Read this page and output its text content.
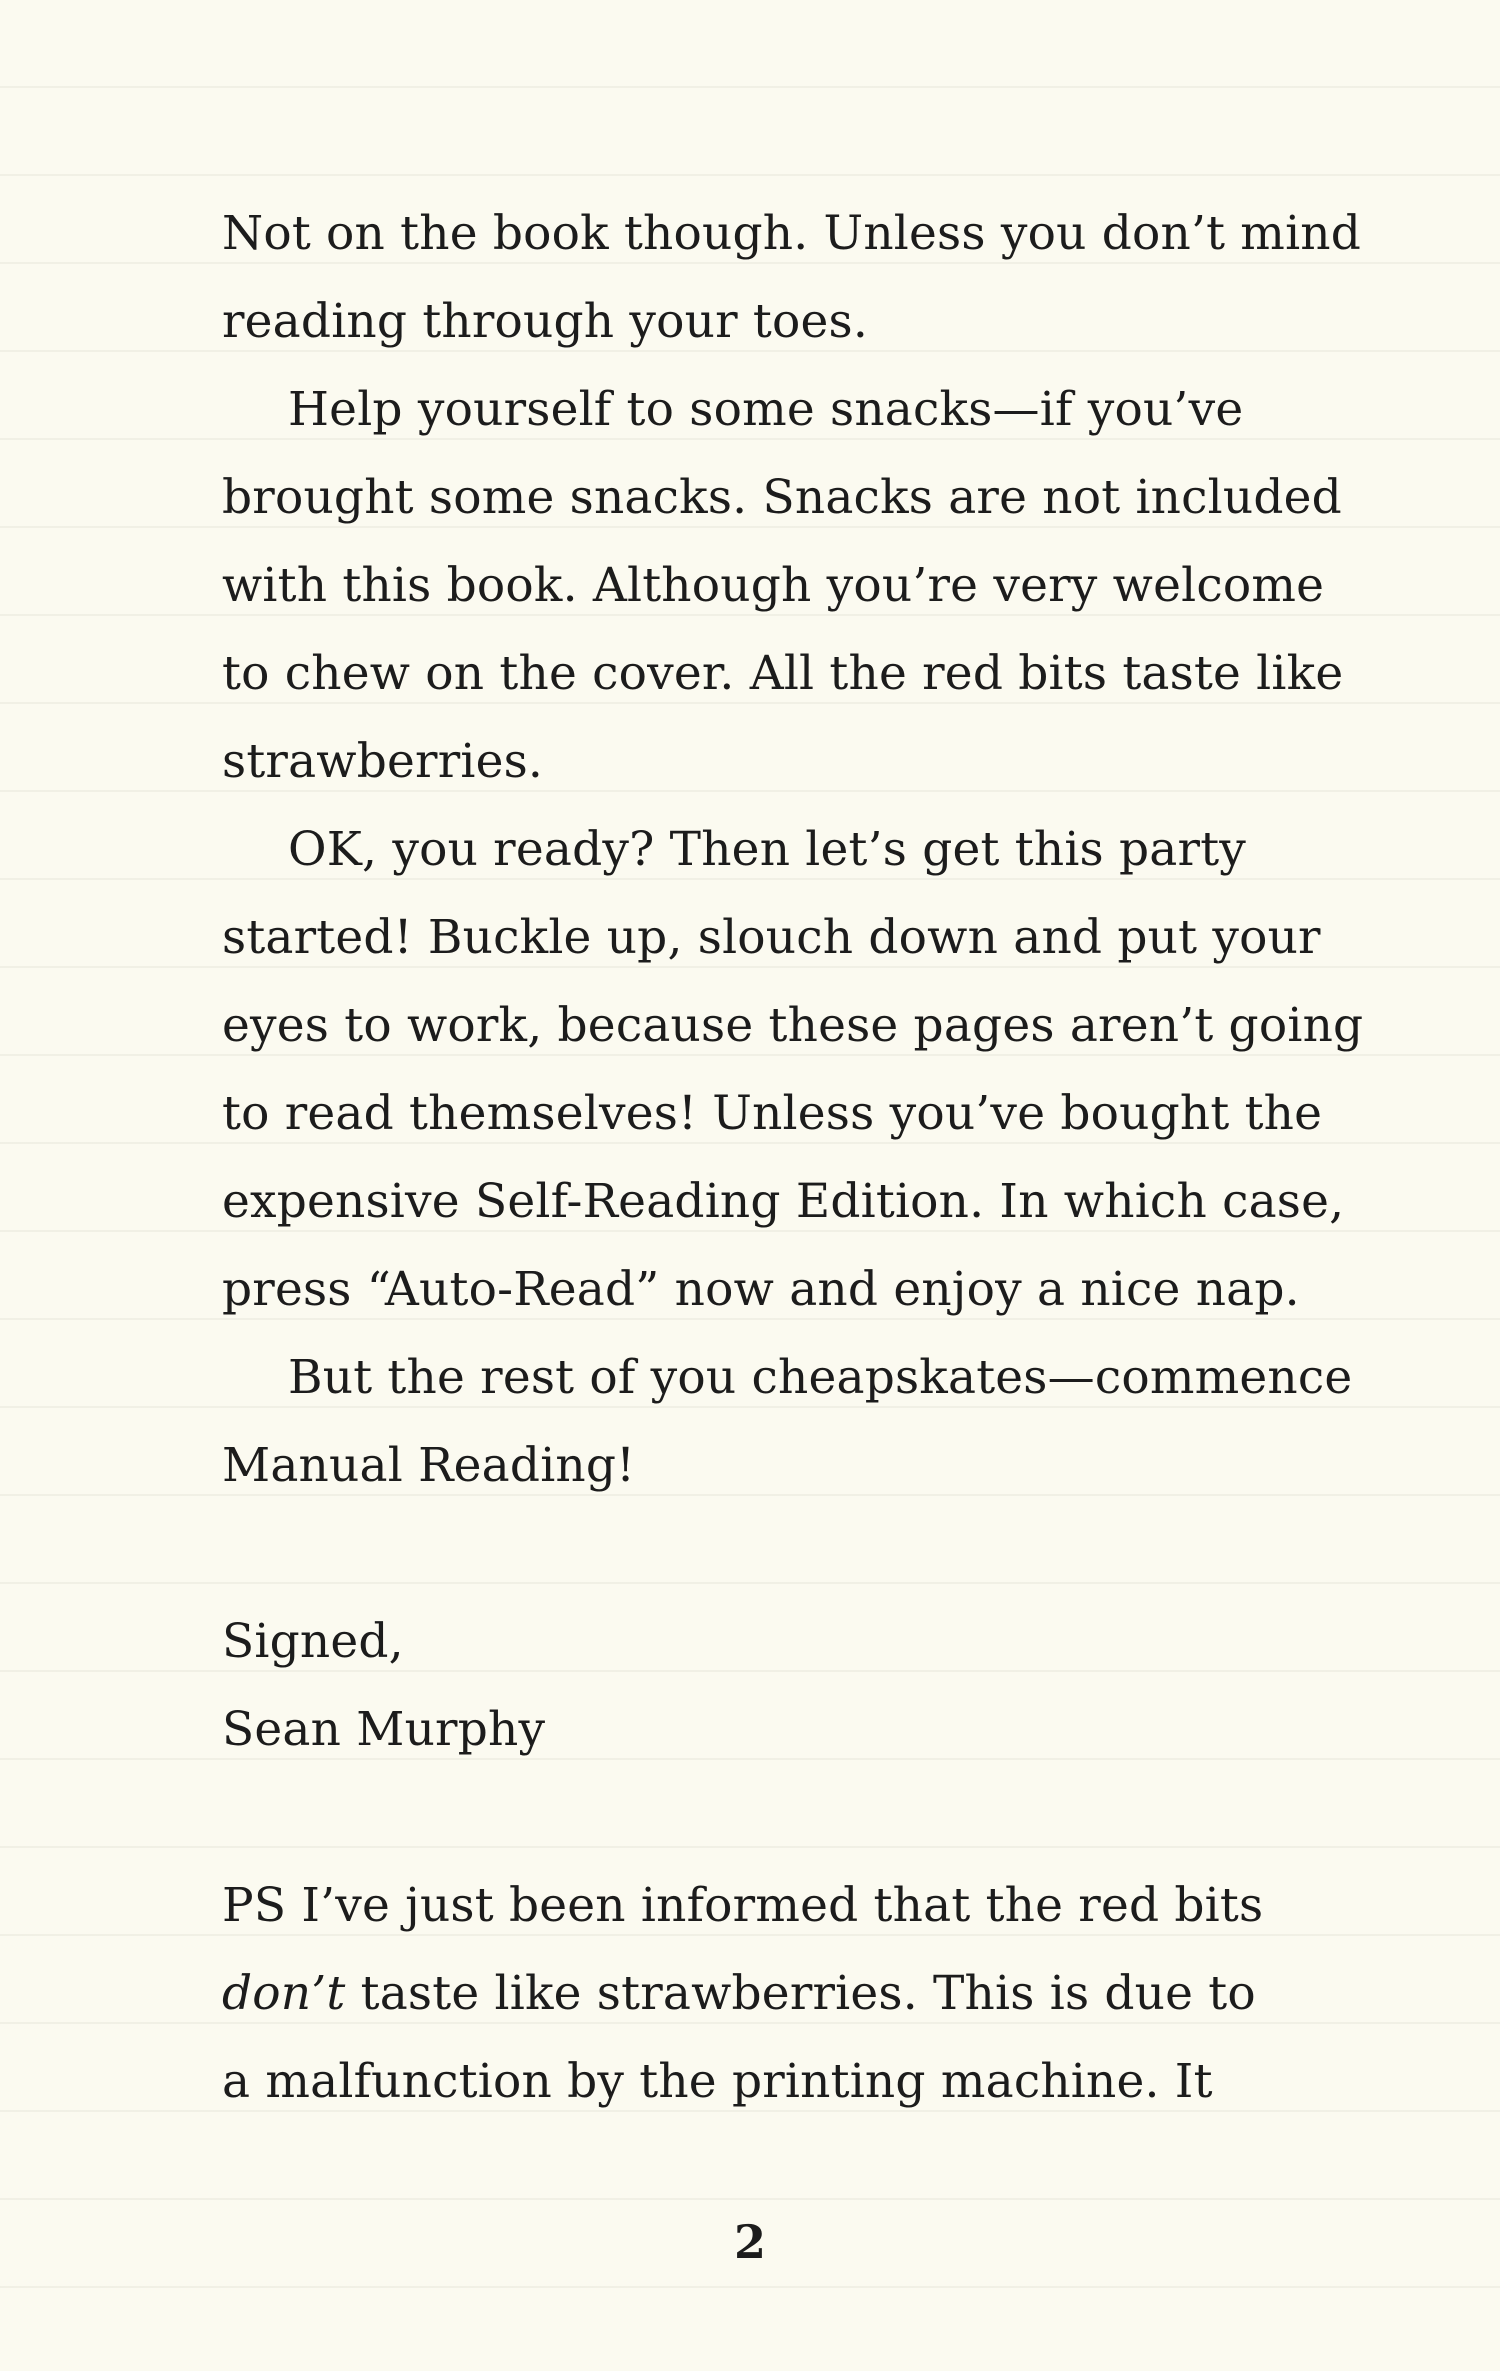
Not on the book though. Unless you don’t mind
reading through your toes.
Help yourself to some snacks—if you’ve
brought some snacks. Snacks are not included
with this book. Although you’re very welcome
to chew on the cover. All the red bits taste like
strawberries.
OK, you ready? Then let’s get this party
started! Buckle up, slouch down and put your
eyes to work, because these pages aren’t going
to read themselves! Unless you’ve bought the
expensive Self-Reading Edition. In which case,
press “Auto-Read” now and enjoy a nice nap.
But the rest of you cheapskates—commence
Manual Reading!
Signed,
Sean Murphy
PS I’ve just been informed that the red bits
don’t taste like strawberries. This is due to
a malfunction by the printing machine. It
2
